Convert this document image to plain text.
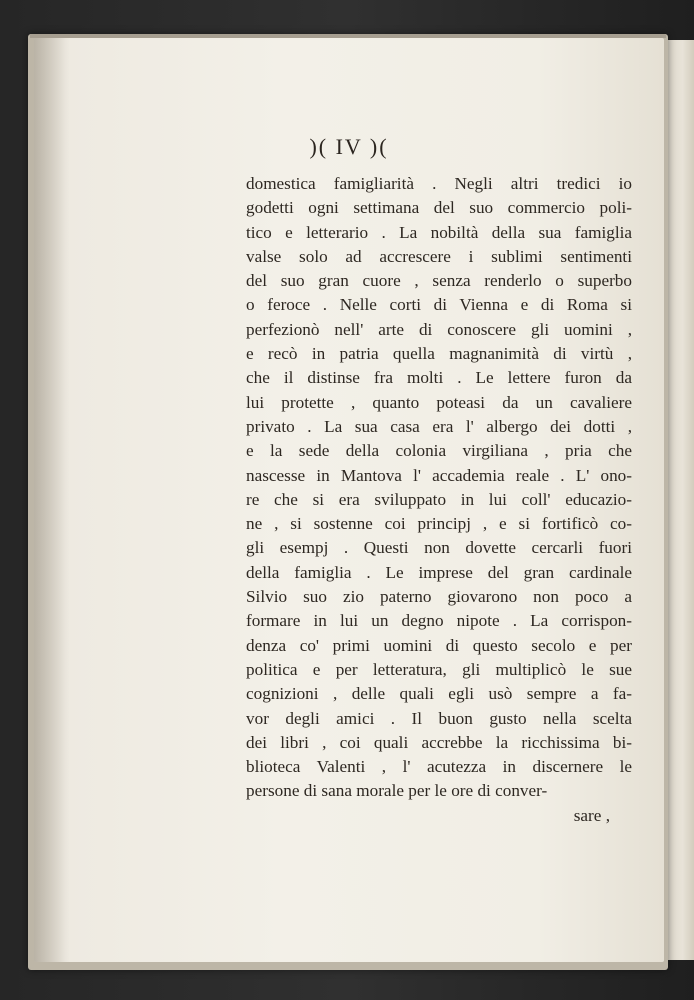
)( IV )(
domestica famigliarità . Negli altri tredici io
godetti ogni settimana del suo commercio poli-
tico e letterario . La nobiltà della sua famiglia
valse solo ad accrescere i sublimi sentimenti
del suo gran cuore , senza renderlo o superbo
o feroce . Nelle corti di Vienna e di Roma si
perfezionò nell' arte di conoscere gli uomini ,
e recò in patria quella magnanimità di virtù ,
che il distinse fra molti . Le lettere furon da
lui protette , quanto poteasi da un cavaliere
privato . La sua casa era l' albergo dei dotti ,
e la sede della colonia virgiliana , pria che
nascesse in Mantova l' accademia reale . L' ono-
re che si era sviluppato in lui coll' educazio-
ne , si sostenne coi principj , e si fortificò co-
gli esempj . Questi non dovette cercarli fuori
della famiglia . Le imprese del gran cardinale
Silvio suo zio paterno giovarono non poco a
formare in lui un degno nipote . La corrispon-
denza co' primi uomini di questo secolo e per
politica e per letteratura, gli multiplicò le sue
cognizioni , delle quali egli usò sempre a fa-
vor degli amici . Il buon gusto nella scelta
dei libri , coi quali accrebbe la ricchissima bi-
blioteca Valenti , l' acutezza in discernere le
persone di sana morale per le ore di conver-
sare ,
